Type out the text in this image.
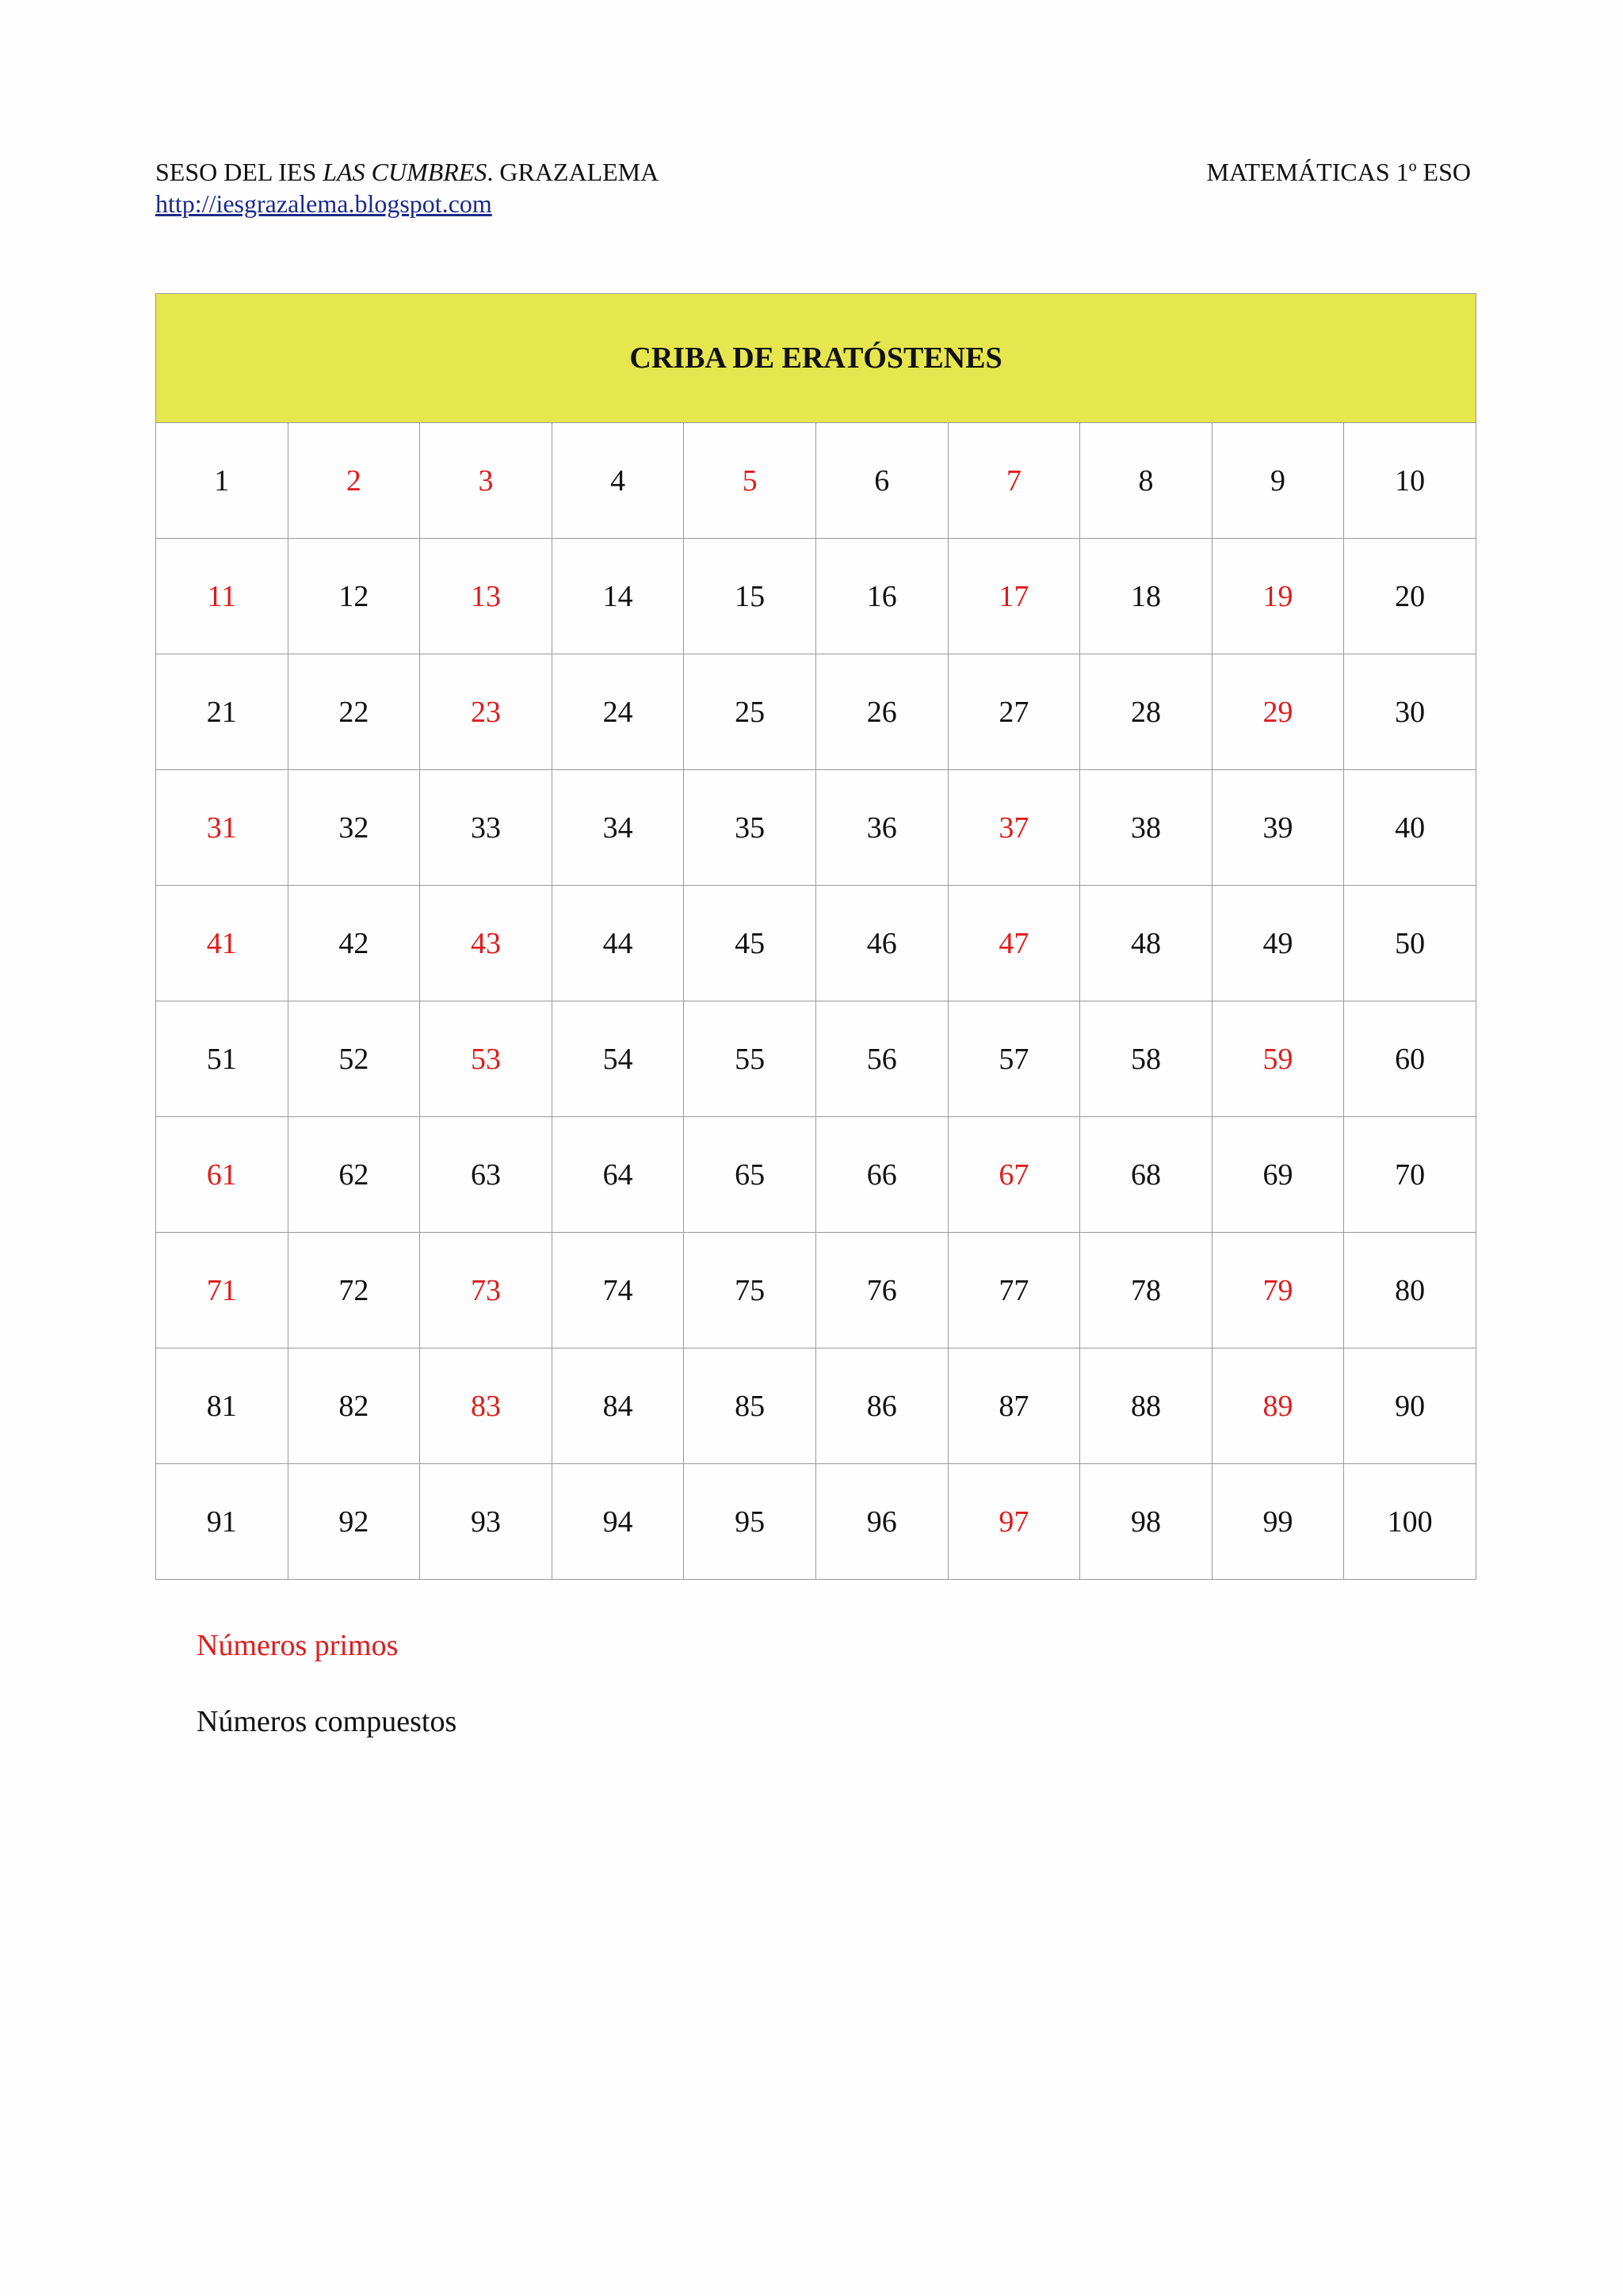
SESO DEL IES LAS CUMBRES. GRAZALEMA	MATEMÁTICAS 1º ESO
http://iesgrazalema.blogspot.com
CRIBA DE ERATÓSTENES									
1	2	3	4	5	6	7	8	9	10
11	12	13	14	15	16	17	18	19	20
21	22	23	24	25	26	27	28	29	30
31	32	33	34	35	36	37	38	39	40
41	42	43	44	45	46	47	48	49	50
51	52	53	54	55	56	57	58	59	60
61	62	63	64	65	66	67	68	69	70
71	72	73	74	75	76	77	78	79	80
81	82	83	84	85	86	87	88	89	90
91	92	93	94	95	96	97	98	99	100
Números primos
Números compuestos
